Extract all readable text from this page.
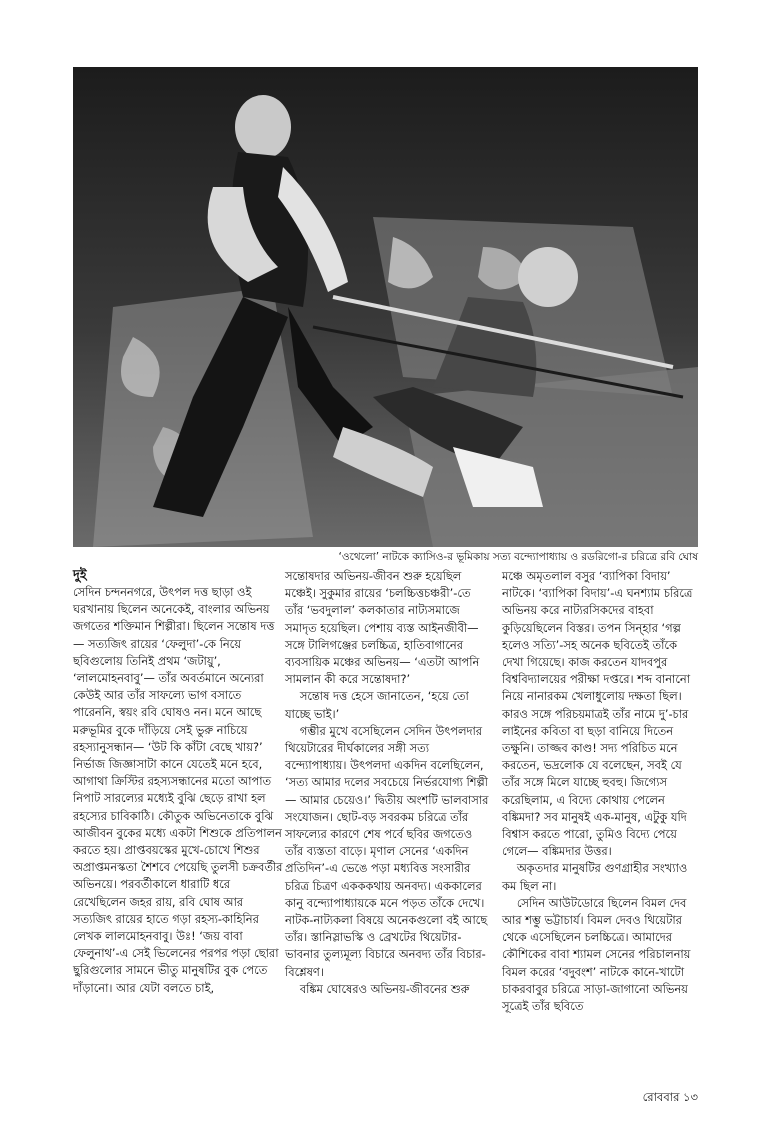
‘ওথেলো’ নাটকে ক্যাসিও-র ভূমিকায় সত্য বন্দ্যোপাধ্যায় ও রডরিগো-র চরিত্রে রবি ঘোষ

দুই

সেদিন চন্দননগরে, উৎপল দত্ত ছাড়া ওই ঘরখানায় ছিলেন অনেকেই, বাংলার অভিনয় জগতের শক্তিমান শিল্পীরা। ছিলেন সন্তোষ দত্ত— সত্যজিৎ রায়ের ‘ফেলুদা’-কে নিয়ে ছবিগুলোয় তিনিই প্রথম ‘জটায়ু’, ‘লালমোহনবাবু’— তাঁর অবর্তমানে অন্যেরা কেউই আর তাঁর সাফল্যে ভাগ বসাতে পারেননি, স্বয়ং রবি ঘোষও নন। মনে আছে মরুভূমির বুকে দাঁড়িয়ে সেই ভুরু নাচিয়ে রহস্যানুসন্ধান— ‘উট কি কাঁটা বেছে খায়?’ নির্ভাজ জিজ্ঞাসাটা কানে যেতেই মনে হবে, আগাথা ক্রিস্টির রহস্যসন্ধানের মতো আপাত নিপাট সারল্যের মধ্যেই বুঝি ছেড়ে রাখা হল রহস্যের চাবিকাঠি। কৌতুক অভিনেতাকে বুঝি আজীবন বুকের মধ্যে একটা শিশুকে প্রতিপালন করতে হয়। প্রাপ্তবয়স্কের মুখে-চোখে শিশুর অপ্রাপ্তমনস্কতা শৈশবে পেয়েছি তুলসী চক্রবর্তীর অভিনয়ে। পরবর্তীকালে ধারাটি ধরে রেখেছিলেন জহর রায়, রবি ঘোষ আর সত্যজিৎ রায়ের হাতে গড়া রহস্য-কাহিনির লেখক লালমোহনবাবু। উঃ! ‘জয় বাবা ফেলুনাথ’-এ সেই ভিলেনের পরপর পড়া ছোরা ছুরিগুলোর সামনে ভীতু মানুষটির বুক পেতে দাঁড়ানো। আর যেটা বলতে চাই,

সন্তোষদার অভিনয়-জীবন শুরু হয়েছিল মঞ্চেই। সুকুমার রায়ের ‘চলচ্চিত্তচঞ্চরী’-তে তাঁর ‘ভবদুলাল’ কলকাতার নাট্যসমাজে সমাদৃত হয়েছিল। পেশায় ব্যস্ত আইনজীবী— সঙ্গে টালিগঞ্জের চলচ্চিত্র, হাতিবাগানের ব্যবসায়িক মঞ্চের অভিনয়— ‘এতটা আপনি সামলান কী করে সন্তোষদা?’

সন্তোষ দত্ত হেসে জানাতেন, ‘হয়ে তো যাচ্ছে ভাই।’

গম্ভীর মুখে বসেছিলেন সেদিন উৎপলদার থিয়েটারের দীর্ঘকালের সঙ্গী সত্য বন্দ্যোপাধ্যায়। উৎপলদা একদিন বলেছিলেন, ‘সত্য আমার দলের সবচেয়ে নির্ভরযোগ্য শিল্পী— আমার চেয়েও।’ দ্বিতীয় অংশটি ভালবাসার সংযোজন। ছোট-বড় সবরকম চরিত্রে তাঁর সাফল্যের কারণে শেষ পর্বে ছবির জগতেও তাঁর ব্যস্ততা বাড়ে। মৃণাল সেনের ‘একদিন প্রতিদিন’-এ ভেঙে পড়া মধ্যবিত্ত সংসারীর চরিত্র চিত্রণ একককথায় অনবদ্য। এককালের কানু বন্দ্যোপাধ্যায়কে মনে পড়ত তাঁকে দেখে। নাটক-নাট্যকলা বিষয়ে অনেকগুলো বই আছে তাঁর। স্তানিস্লাভস্কি ও ব্রেখটের থিয়েটার-ভাবনার তুল্যমূল্য বিচারে অনবদ্য তাঁর বিচার-বিশ্লেষণ।

বঙ্কিম ঘোষেরও অভিনয়-জীবনের শুরু

মঞ্চে অমৃতলাল বসুর ‘ব্যাপিকা বিদায়’ নাটকে। ‘ব্যাপিকা বিদায়’-এ ঘনশ্যাম চরিত্রে অভিনয় করে নাট্যরসিকদের বাহবা কুড়িয়েছিলেন বিস্তর। তপন সিন্‌হার ‘গল্প হলেও সত্যি’-সহ অনেক ছবিতেই তাঁকে দেখা গিয়েছে। কাজ করতেন যাদবপুর বিশ্ববিদ্যালয়ের পরীক্ষা দপ্তরে। শব্দ বানানো নিয়ে নানারকম খেলাধুলোয় দক্ষতা ছিল। কারও সঙ্গে পরিচয়মাত্রই তাঁর নামে দু’-চার লাইনের কবিতা বা ছড়া বানিয়ে দিতেন তক্ষুনি। তাজ্জব কাণ্ড! সদ্য পরিচিত মনে করতেন, ভদ্রলোক যে বলেছেন, সবই যে তাঁর সঙ্গে মিলে যাচ্ছে হুবহু। জিগ্যেস করেছিলাম, এ বিদ্যে কোথায় পেলেন বঙ্কিমদা? সব মানুষই এক-মানুষ, এটুকু যদি বিশ্বাস করতে পারো, তুমিও বিদ্যে পেয়ে গেলে— বঙ্কিমদার উত্তর।

অকৃতদার মানুষটির গুণগ্রাহীর সংখ্যাও কম ছিল না।

সেদিন আউটডোরে ছিলেন বিমল দেব আর শম্ভু ভট্টাচার্য। বিমল দেবও থিয়েটার থেকে এসেছিলেন চলচ্চিত্রে। আমাদের কৌশিকের বাবা শ্যামল সেনের পরিচালনায় বিমল করের ‘বদুবংশ’ নাটকে কানে-খাটো চাকরবাবুর চরিত্রে সাড়া-জাগানো অভিনয় সূত্রেই তাঁর ছবিতে

রোববার ১৩
